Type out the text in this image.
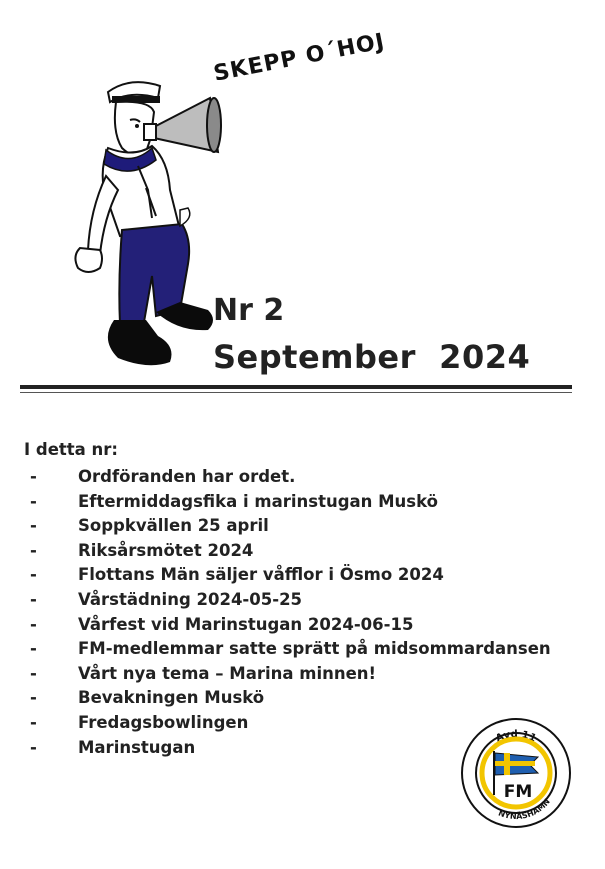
SKEPP O´HOJ
Nr 2
September  2024
I detta nr:
- Ordföranden har ordet.
- Eftermiddagsfika i marinstugan Muskö
- Soppkvällen 25 april
- Riksårsmötet 2024
- Flottans Män säljer våfflor i Ösmo 2024
- Vårstädning 2024-05-25
- Vårfest vid Marinstugan 2024-06-15
- FM-medlemmar satte sprätt på midsommardansen
- Vårt nya tema – Marina minnen!
- Bevakningen Muskö
- Fredagsbowlingen
- Marinstugan	Avd 11
NYNÄSHAMN
FM
